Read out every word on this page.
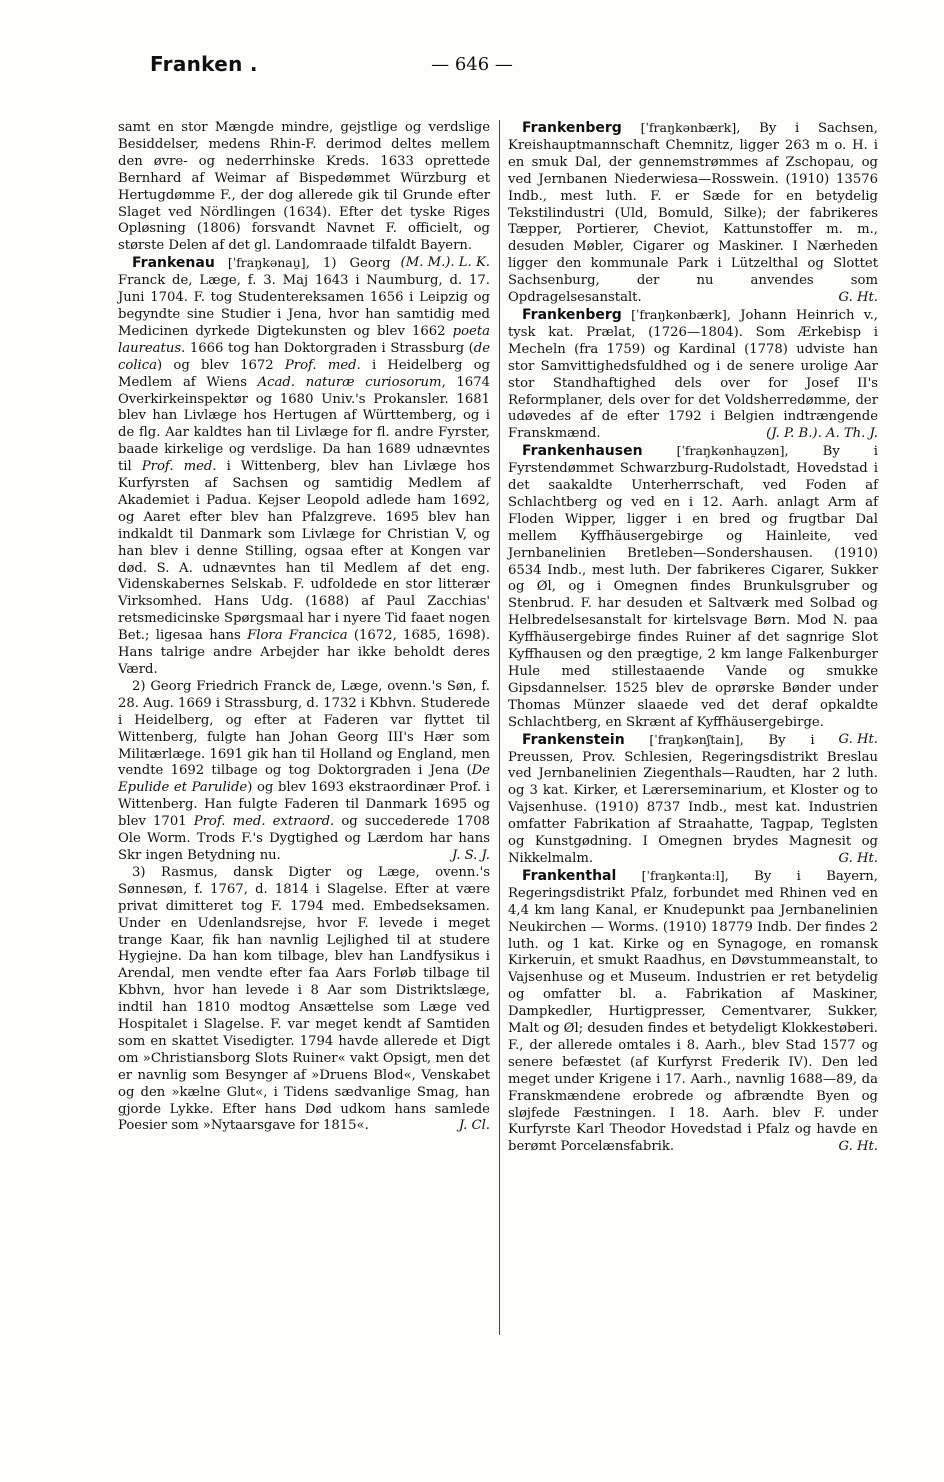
Franken .	— 646 —

samt en stor Mængde mindre, gejstlige og verdslige Besiddelser, medens Rhin-F. derimod deltes mellem den øvre- og nederrhinske Kreds. 1633 oprettede Bernhard af Weimar af Bispedømmet Würzburg et Hertugdømme F., der dog allerede gik til Grunde efter Slaget ved Nördlingen (1634). Efter det tyske Riges Opløsning (1806) forsvandt Navnet F. officielt, og største Delen af det gl. Landomraade tilfaldt Bayern.
(M. M.). L. K.

Frankenau [ˈfraŋkənau̯], 1) Georg Franck de, Læge, f. 3. Maj 1643 i Naumburg, d. 17. Juni 1704. F. tog Studentereksamen 1656 i Leipzig og begyndte sine Studier i Jena, hvor han samtidig med Medicinen dyrkede Digtekunsten og blev 1662 poeta laureatus. 1666 tog han Doktorgraden i Strassburg (de colica) og blev 1672 Prof. med. i Heidelberg og Medlem af Wiens Acad. naturæ curiosorum, 1674 Overkirkeinspektør og 1680 Univ.'s Prokansler. 1681 blev han Livlæge hos Hertugen af Württemberg, og i de flg. Aar kaldtes han til Livlæge for fl. andre Fyrster, baade kirkelige og verdslige. Da han 1689 udnævntes til Prof. med. i Wittenberg, blev han Livlæge hos Kurfyrsten af Sachsen og samtidig Medlem af Akademiet i Padua. Kejser Leopold adlede ham 1692, og Aaret efter blev han Pfalzgreve. 1695 blev han indkaldt til Danmark som Livlæge for Christian V, og han blev i denne Stilling, ogsaa efter at Kongen var død. S. A. udnævntes han til Medlem af det eng. Videnskabernes Selskab. F. udfoldede en stor litterær Virksomhed. Hans Udg. (1688) af Paul Zacchias' retsmedicinske Spørgsmaal har i nyere Tid faaet nogen Bet.; ligesaa hans Flora Francica (1672, 1685, 1698). Hans talrige andre Arbejder har ikke beholdt deres Værd.

2) Georg Friedrich Franck de, Læge, ovenn.'s Søn, f. 28. Aug. 1669 i Strassburg, d. 1732 i Kbhvn. Studerede i Heidelberg, og efter at Faderen var flyttet til Wittenberg, fulgte han Johan Georg III's Hær som Militærlæge. 1691 gik han til Holland og England, men vendte 1692 tilbage og tog Doktorgraden i Jena (De Epulide et Parulide) og blev 1693 ekstraordinær Prof. i Wittenberg. Han fulgte Faderen til Danmark 1695 og blev 1701 Prof. med. extraord. og succederede 1708 Ole Worm. Trods F.'s Dygtighed og Lærdom har hans Skr ingen Betydning nu.	J. S. J.

3) Rasmus, dansk Digter og Læge, ovenn.'s Sønnesøn, f. 1767, d. 1814 i Slagelse. Efter at være privat dimitteret tog F. 1794 med. Embedseksamen. Under en Udenlandsrejse, hvor F. levede i meget trange Kaar, fik han navnlig Lejlighed til at studere Hygiejne. Da han kom tilbage, blev han Landfysikus i Arendal, men vendte efter faa Aars Forløb tilbage til Kbhvn, hvor han levede i 8 Aar som Distriktslæge, indtil han 1810 modtog Ansættelse som Læge ved Hospitalet i Slagelse. F. var meget kendt af Samtiden som en skattet Visedigter. 1794 havde allerede et Digt om »Christiansborg Slots Ruiner« vakt Opsigt, men det er navnlig som Besynger af »Druens Blod«, Venskabet og den »kælne Glut«, i Tidens sædvanlige Smag, han gjorde Lykke. Efter hans Død udkom hans samlede Poesier som »Nytaarsgave for 1815«.	J. Cl.

Frankenberg [ˈfraŋkənbærk], By i Sachsen, Kreishauptmannschaft Chemnitz, ligger 263 m o. H. i en smuk Dal, der gennemstrømmes af Zschopau, og ved Jernbanen Niederwiesa—Rosswein. (1910) 13576 Indb., mest luth. F. er Sæde for en betydelig Tekstilindustri (Uld, Bomuld, Silke); der fabrikeres Tæpper, Portierer, Cheviot, Kattunstoffer m. m., desuden Møbler, Cigarer og Maskiner. I Nærheden ligger den kommunale Park i Lützelthal og Slottet Sachsenburg, der nu anvendes som Opdragelsesanstalt.	G. Ht.

Frankenberg [ˈfraŋkənbærk], Johann Heinrich v., tysk kat. Prælat, (1726—1804). Som Ærkebisp i Mecheln (fra 1759) og Kardinal (1778) udviste han stor Samvittighedsfuldhed og i de senere urolige Aar stor Standhaftighed dels over for Josef II's Reformplaner, dels over for det Voldsherredømme, der udøvedes af de efter 1792 i Belgien indtrængende Franskmænd.	(J. P. B.). A. Th. J.

Frankenhausen	[ˈfraŋkənhau̯zən], By i Fyrstendømmet Schwarzburg-Rudolstadt, Hovedstad i det saakaldte Unterherrschaft, ved Foden af Schlachtberg og ved en i 12. Aarh. anlagt Arm af Floden Wipper, ligger i en bred og frugtbar Dal mellem Kyffhäusergebirge og Hainleite, ved Jernbanelinien Bretleben—Sondershausen. (1910) 6534 Indb., mest luth. Der fabrikeres Cigarer, Sukker og Øl, og i Omegnen findes Brunkulsgruber og Stenbrud. F. har desuden et Saltværk med Solbad og Helbredelsesanstalt for kirtelsvage Børn. Mod N. paa Kyffhäusergebirge findes Ruiner af det sagnrige Slot Kyffhausen og den prægtige, 2 km lange Falkenburger Hule med stillestaaende Vande og smukke Gipsdannelser. 1525 blev de oprørske Bønder under Thomas Münzer slaaede ved det deraf opkaldte Schlachtberg, en Skrænt af Kyffhäusergebirge.
G. Ht.

Frankenstein [ˈfraŋkənʃtain], By i Preussen, Prov. Schlesien, Regeringsdistrikt Breslau ved Jernbanelinien Ziegenthals—Raudten, har 2 luth. og 3 kat. Kirker, et Lærerseminarium, et Kloster og to Vajsenhuse. (1910) 8737 Indb., mest kat. Industrien omfatter Fabrikation af Straahatte, Tagpap, Teglsten og Kunstgødning. I Omegnen brydes Magnesit og Nikkelmalm.	G. Ht.

Frankenthal [ˈfraŋkəntaːl], By i Bayern, Regeringsdistrikt Pfalz, forbundet med Rhinen ved en 4,4 km lang Kanal, er Knudepunkt paa Jernbanelinien Neukirchen — Worms. (1910) 18779 Indb. Der findes 2 luth. og 1 kat. Kirke og en Synagoge, en romansk Kirkeruin, et smukt Raadhus, en Døvstummeanstalt, to Vajsenhuse og et Museum. Industrien er ret betydelig og omfatter bl. a. Fabrikation af Maskiner, Dampkedler, Hurtigpresser, Cementvarer, Sukker, Malt og Øl; desuden findes et betydeligt Klokkestøberi. F., der allerede omtales i 8. Aarh., blev Stad 1577 og senere befæstet (af Kurfyrst Frederik IV). Den led meget under Krigene i 17. Aarh., navnlig 1688—89, da Franskmændene erobrede og afbrændte Byen og sløjfede Fæstningen. I 18. Aarh. blev F. under Kurfyrste Karl Theodor Hovedstad i Pfalz og havde en berømt Porcelænsfabrik.	G. Ht.
